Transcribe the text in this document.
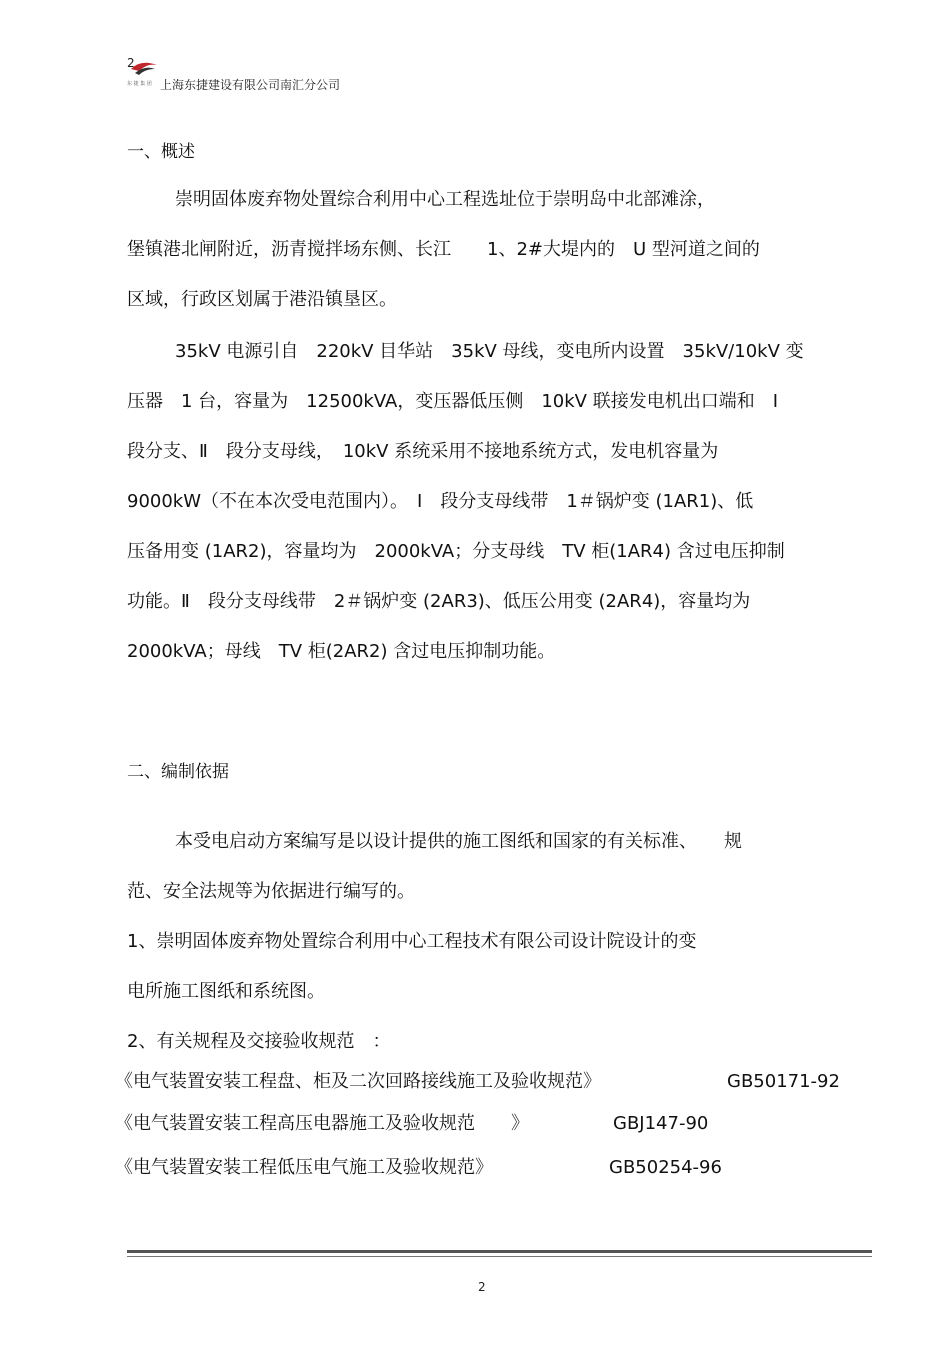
东 捷 集 团
2
上海东捷建设有限公司南汇分公司
一、概述
崇明固体废弃物处置综合利用中心工程选址位于崇明岛中北部滩涂，
堡镇港北闸附近，沥青搅拌场东侧、长江　　1、2#大堤内的　U 型河道之间的
区域，行政区划属于港沿镇垦区。
35kV 电源引自　220kV 目华站　35kV 母线，变电所内设置　35kV/10kV 变
压器　1 台，容量为　12500kVA，变压器低压侧　10kV 联接发电机出口端和　Ⅰ
段分支、Ⅱ　段分支母线，　10kV 系统采用不接地系统方式，发电机容量为
9000kW（不在本次受电范围内）。　Ⅰ　段分支母线带　1＃锅炉变 (1AR1)、低
压备用变 (1AR2)，容量均为　2000kVA；分支母线　TV 柜(1AR4) 含过电压抑制
功能。Ⅱ　段分支母线带　2＃锅炉变 (2AR3)、低压公用变 (2AR4)，容量均为
2000kVA；母线　TV 柜(2AR2) 含过电压抑制功能。
二、编制依据
本受电启动方案编写是以设计提供的施工图纸和国家的有关标准、　　规
范、安全法规等为依据进行编写的。
1、崇明固体废弃物处置综合利用中心工程技术有限公司设计院设计的变
电所施工图纸和系统图。
2、有关规程及交接验收规范　：
《电气装置安装工程盘、柜及二次回路接线施工及验收规范》	GB50171-92
《电气装置安装工程高压电器施工及验收规范　　》	GBJ147-90
《电气装置安装工程低压电气施工及验收规范》	GB50254-96
2
